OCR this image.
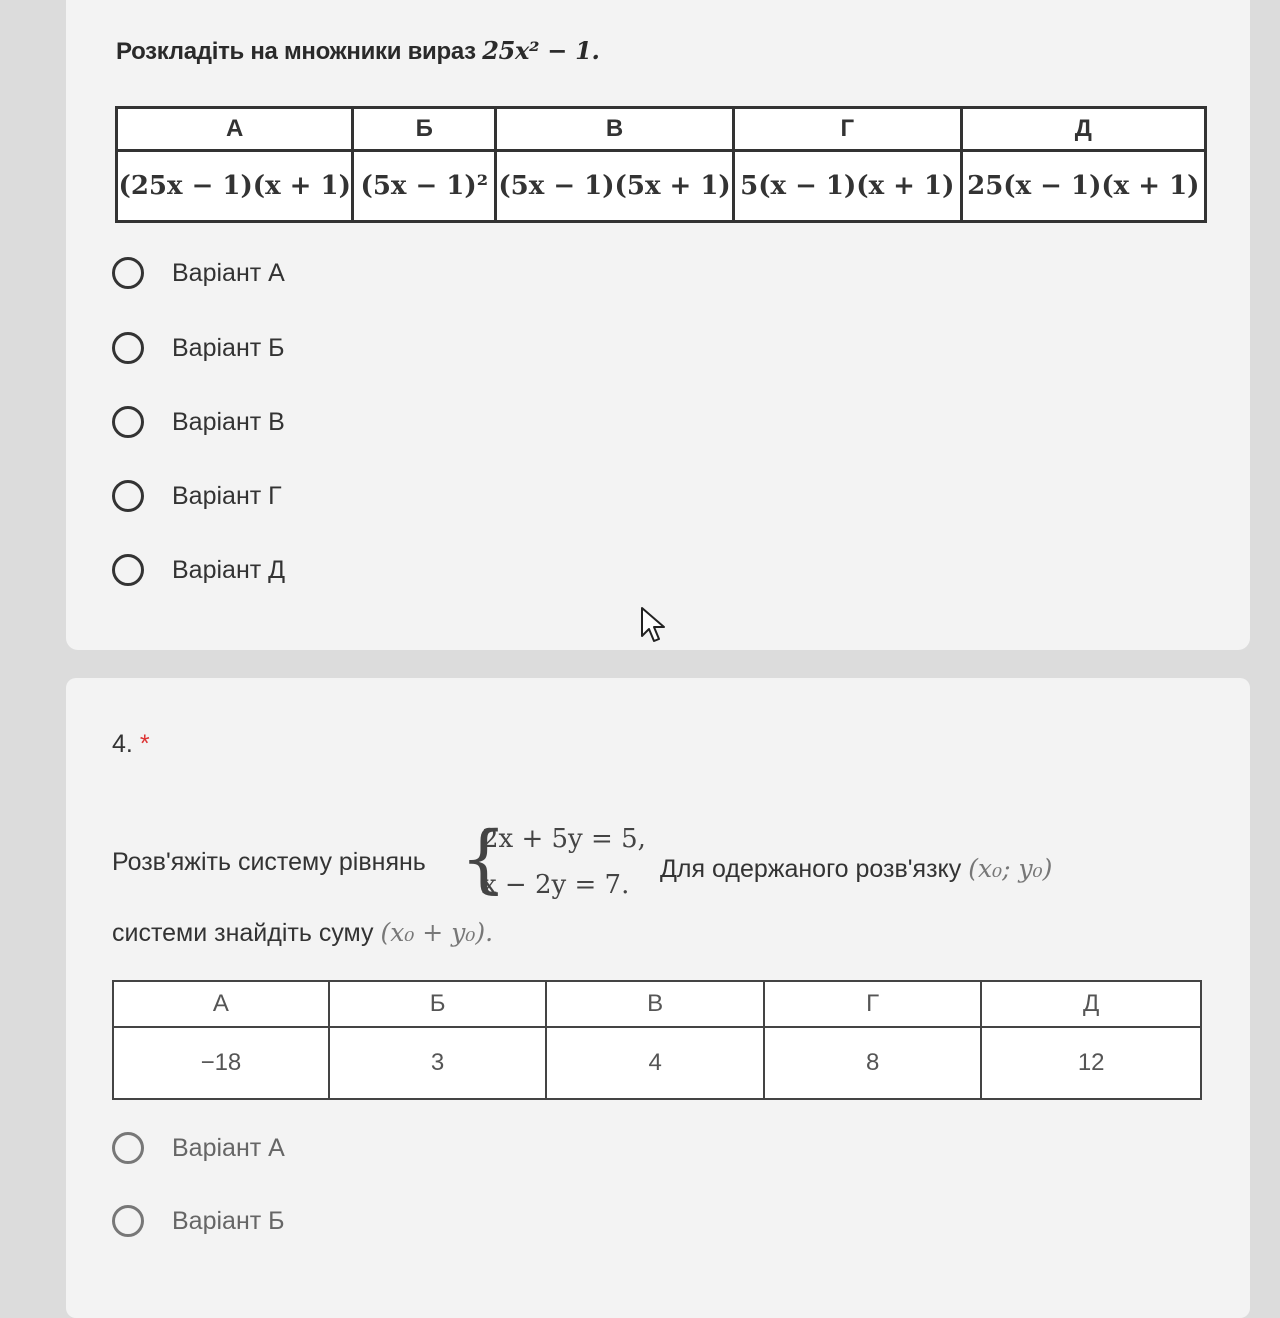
Розкладіть на множники вираз 25x² − 1.
А	Б	В	Г	Д
(25x − 1)(x + 1)	(5x − 1)²	(5x − 1)(5x + 1)	5(x − 1)(x + 1)	25(x − 1)(x + 1)
Варіант А
Варіант Б
Варіант В
Варіант Г
Варіант Д
4. *
Розв'яжіть систему рівнянь {
2x + 5y = 5,
x − 2y = 7.
Для одержаного розв'язку (x₀; y₀)
системи знайдіть суму (x₀ + y₀).
А	Б	В	Г	Д
−18	3	4	8	12
Варіант А
Варіант Б
